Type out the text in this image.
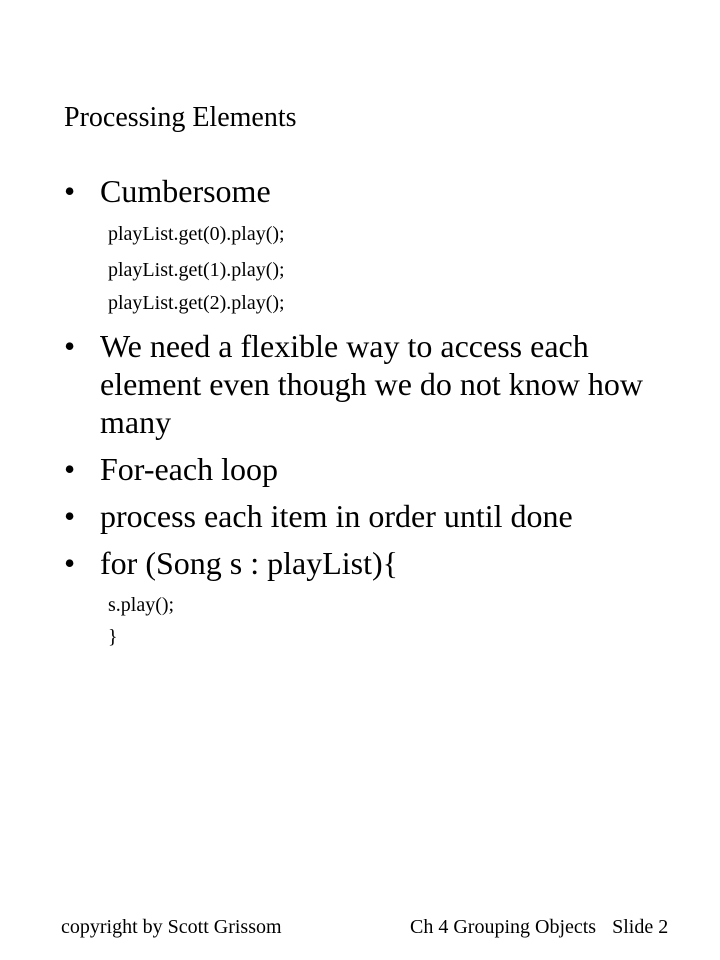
Processing Elements
• Cumbersome
playList.get(0).play();
playList.get(1).play();
playList.get(2).play();
• We need a flexible way to access each element even though we do not know how many
• For-each loop
• process each item in order until done
• for (Song s : playList){
s.play();
}
copyright by Scott Grissom	Ch 4 Grouping Objects Slide 2
